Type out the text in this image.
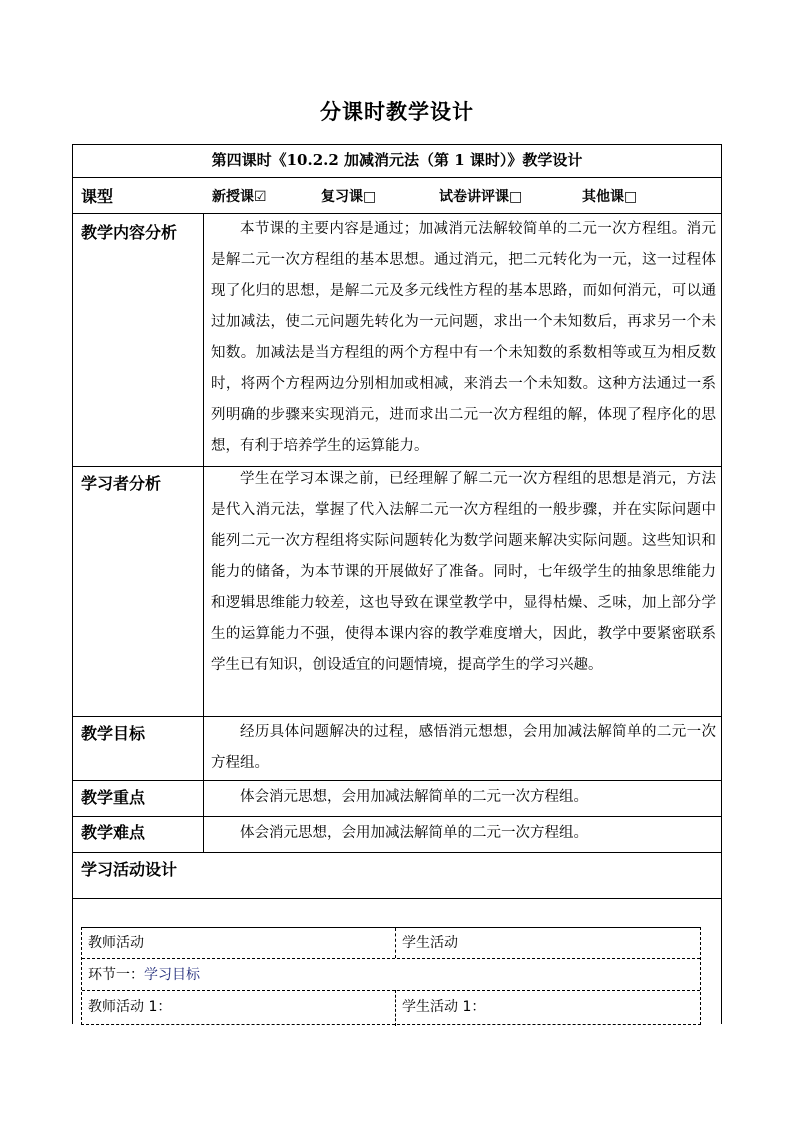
分课时教学设计
第四课时《10.2.2 加减消元法（第 1 课时）》教学设计
课型	新授课☑	复习课□	试卷讲评课□	其他课□
教学内容分析	本节课的主要内容是通过；加减消元法解较简单的二元一次方程组。消元是解二元一次方程组的基本思想。通过消元，把二元转化为一元，这一过程体现了化归的思想，是解二元及多元线性方程的基本思路，而如何消元，可以通过加减法，使二元问题先转化为一元问题，求出一个未知数后，再求另一个未知数。加减法是当方程组的两个方程中有一个未知数的系数相等或互为相反数时，将两个方程两边分别相加或相减，来消去一个未知数。这种方法通过一系列明确的步骤来实现消元，进而求出二元一次方程组的解，体现了程序化的思想，有利于培养学生的运算能力。
学习者分析	学生在学习本课之前，已经理解了解二元一次方程组的思想是消元，方法是代入消元法，掌握了代入法解二元一次方程组的一般步骤，并在实际问题中能列二元一次方程组将实际问题转化为数学问题来解决实际问题。这些知识和能力的储备，为本节课的开展做好了准备。同时，七年级学生的抽象思维能力和逻辑思维能力较差，这也导致在课堂教学中，显得枯燥、乏味，加上部分学生的运算能力不强，使得本课内容的教学难度增大，因此，教学中要紧密联系学生已有知识，创设适宜的问题情境，提高学生的学习兴趣。
教学目标	经历具体问题解决的过程，感悟消元想想，会用加减法解简单的二元一次方程组。
教学重点	体会消元思想，会用加减法解简单的二元一次方程组。
教学难点	体会消元思想，会用加减法解简单的二元一次方程组。
学习活动设计
教师活动	学生活动
环节一：学习目标
教师活动 1：	学生活动 1：
